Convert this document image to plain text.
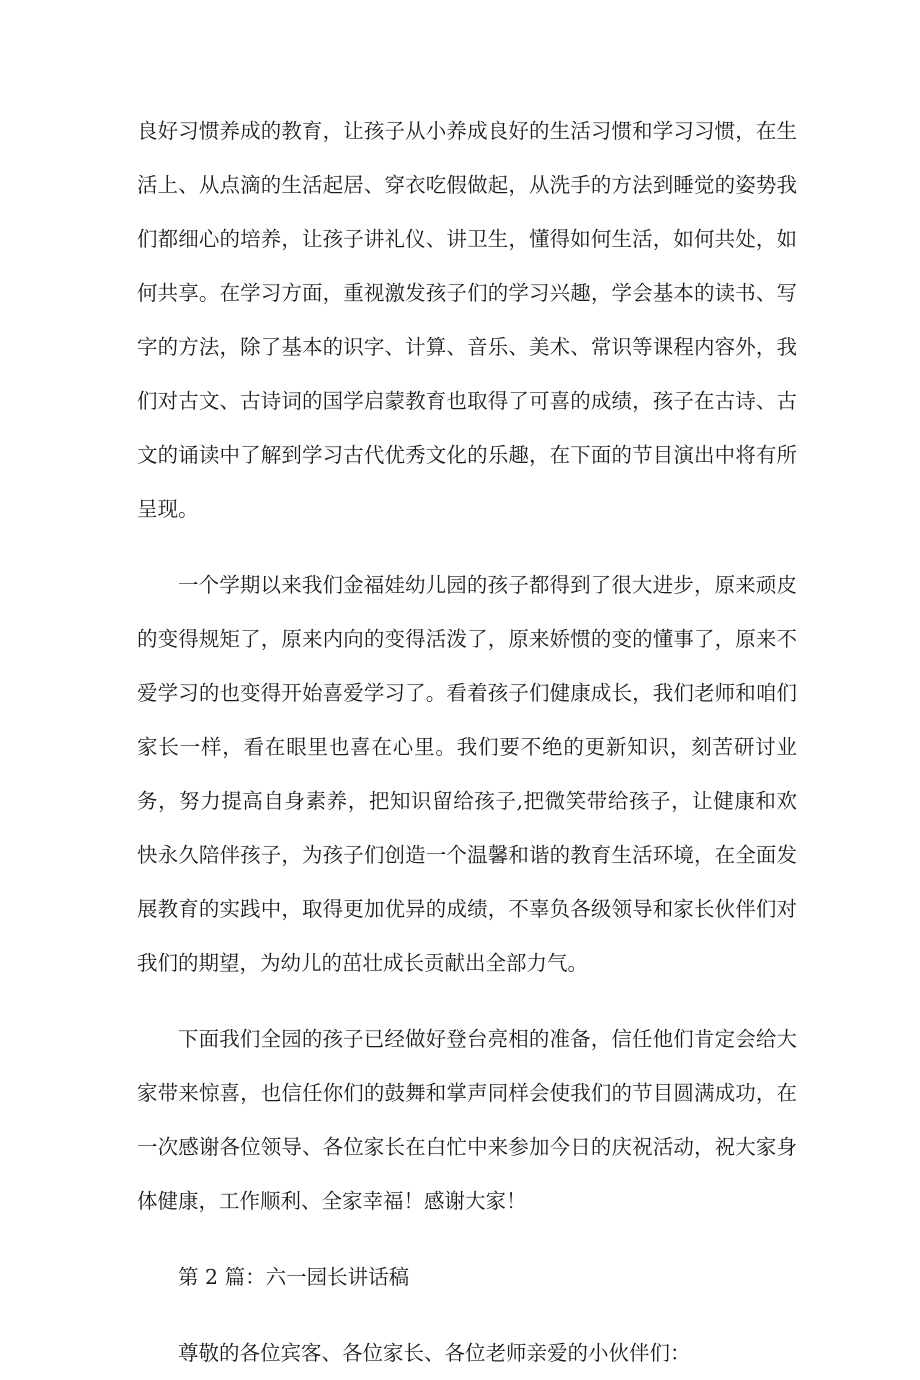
良好习惯养成的教育，让孩子从小养成良好的生活习惯和学习习惯，在生活上、从点滴的生活起居、穿衣吃假做起，从洗手的方法到睡觉的姿势我们都细心的培养，让孩子讲礼仪、讲卫生，懂得如何生活，如何共处，如何共享。在学习方面，重视激发孩子们的学习兴趣，学会基本的读书、写字的方法，除了基本的识字、计算、音乐、美术、常识等课程内容外，我们对古文、古诗词的国学启蒙教育也取得了可喜的成绩，孩子在古诗、古文的诵读中了解到学习古代优秀文化的乐趣，在下面的节目演出中将有所呈现。

一个学期以来我们金福娃幼儿园的孩子都得到了很大进步，原来顽皮的变得规矩了，原来内向的变得活泼了，原来娇惯的变的懂事了，原来不爱学习的也变得开始喜爱学习了。看着孩子们健康成长，我们老师和咱们家长一样，看在眼里也喜在心里。我们要不绝的更新知识，刻苦研讨业务，努力提高自身素养，把知识留给孩子,把微笑带给孩子，让健康和欢快永久陪伴孩子，为孩子们创造一个温馨和谐的教育生活环境，在全面发展教育的实践中，取得更加优异的成绩，不辜负各级领导和家长伙伴们对我们的期望，为幼儿的茁壮成长贡献出全部力气。

下面我们全园的孩子已经做好登台亮相的准备，信任他们肯定会给大家带来惊喜，也信任你们的鼓舞和掌声同样会使我们的节目圆满成功，在一次感谢各位领导、各位家长在白忙中来参加今日的庆祝活动，祝大家身体健康，工作顺利、全家幸福！感谢大家！

第 2 篇：六一园长讲话稿

尊敬的各位宾客、各位家长、各位老师亲爱的小伙伴们：
